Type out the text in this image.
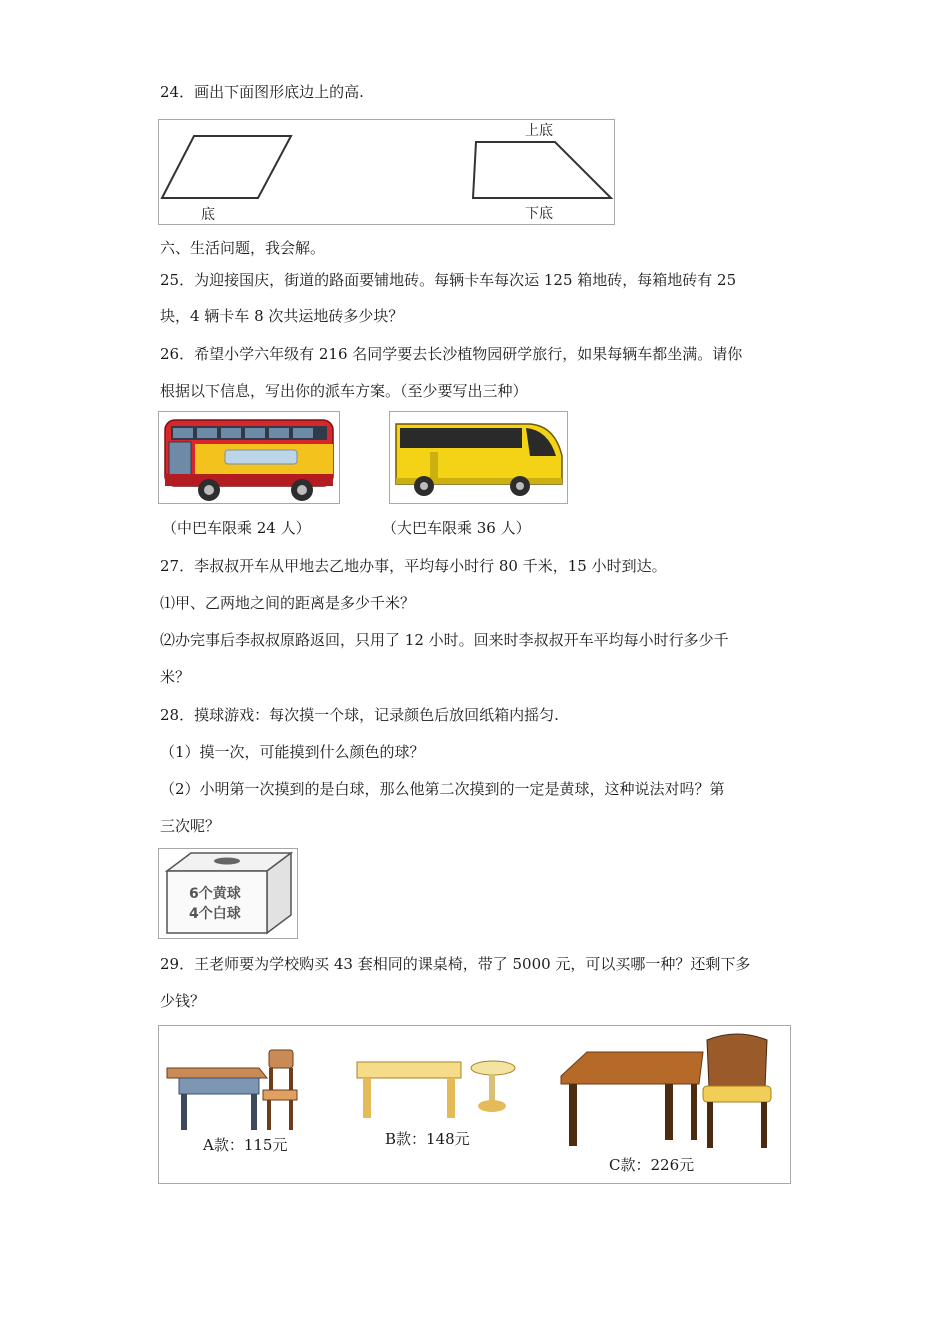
24．画出下面图形底边上的高.
底
上底
下底
六、生活问题，我会解。
25．为迎接国庆，街道的路面要铺地砖。每辆卡车每次运 125 箱地砖，每箱地砖有 25
块，4 辆卡车 8 次共运地砖多少块？
26．希望小学六年级有 216 名同学要去长沙植物园研学旅行，如果每辆车都坐满。请你
根据以下信息，写出你的派车方案。（至少要写出三种）
（中巴车限乘 24 人）	（大巴车限乘 36 人）
27．李叔叔开车从甲地去乙地办事，平均每小时行 80 千米，15 小时到达。
⑴甲、乙两地之间的距离是多少千米？
⑵办完事后李叔叔原路返回，只用了 12 小时。回来时李叔叔开车平均每小时行多少千
米？
28．摸球游戏：每次摸一个球，记录颜色后放回纸箱内摇匀.
（1）摸一次，可能摸到什么颜色的球？
（2）小明第一次摸到的是白球，那么他第二次摸到的一定是黄球，这种说法对吗？第
三次呢？
6个黄球
4个白球
29．王老师要为学校购买 43 套相同的课桌椅，带了 5000 元，可以买哪一种？还剩下多
少钱？
A款：115元	B款：148元
C款：226元
